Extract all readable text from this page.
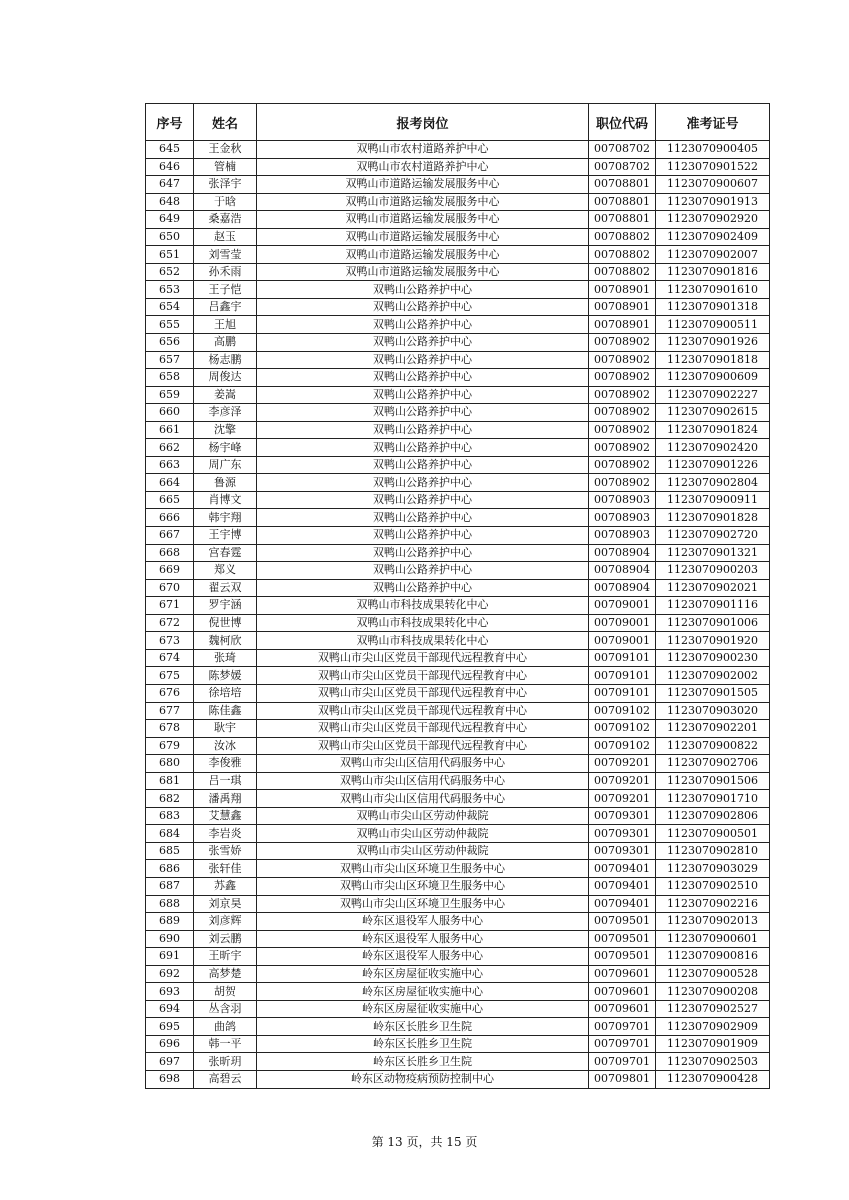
序号	姓名	报考岗位	职位代码	准考证号
645	王金秋	双鸭山市农村道路养护中心	00708702	1123070900405
646	管楠	双鸭山市农村道路养护中心	00708702	1123070901522
647	张泽宇	双鸭山市道路运输发展服务中心	00708801	1123070900607
648	于晗	双鸭山市道路运输发展服务中心	00708801	1123070901913
649	桑嘉浩	双鸭山市道路运输发展服务中心	00708801	1123070902920
650	赵玉	双鸭山市道路运输发展服务中心	00708802	1123070902409
651	刘雪莹	双鸭山市道路运输发展服务中心	00708802	1123070902007
652	孙禾雨	双鸭山市道路运输发展服务中心	00708802	1123070901816
653	王子恺	双鸭山公路养护中心	00708901	1123070901610
654	吕鑫宇	双鸭山公路养护中心	00708901	1123070901318
655	王旭	双鸭山公路养护中心	00708901	1123070900511
656	高鹏	双鸭山公路养护中心	00708902	1123070901926
657	杨志鹏	双鸭山公路养护中心	00708902	1123070901818
658	周俊达	双鸭山公路养护中心	00708902	1123070900609
659	姜嵩	双鸭山公路养护中心	00708902	1123070902227
660	李彦泽	双鸭山公路养护中心	00708902	1123070902615
661	沈擎	双鸭山公路养护中心	00708902	1123070901824
662	杨宇峰	双鸭山公路养护中心	00708902	1123070902420
663	周广东	双鸭山公路养护中心	00708902	1123070901226
664	鲁源	双鸭山公路养护中心	00708902	1123070902804
665	肖博文	双鸭山公路养护中心	00708903	1123070900911
666	韩宇翔	双鸭山公路养护中心	00708903	1123070901828
667	王宇博	双鸭山公路养护中心	00708903	1123070902720
668	宫春霆	双鸭山公路养护中心	00708904	1123070901321
669	郑义	双鸭山公路养护中心	00708904	1123070900203
670	翟云双	双鸭山公路养护中心	00708904	1123070902021
671	罗宇涵	双鸭山市科技成果转化中心	00709001	1123070901116
672	倪世博	双鸭山市科技成果转化中心	00709001	1123070901006
673	魏柯欣	双鸭山市科技成果转化中心	00709001	1123070901920
674	张琦	双鸭山市尖山区党员干部现代远程教育中心	00709101	1123070900230
675	陈梦媛	双鸭山市尖山区党员干部现代远程教育中心	00709101	1123070902002
676	徐培培	双鸭山市尖山区党员干部现代远程教育中心	00709101	1123070901505
677	陈佳鑫	双鸭山市尖山区党员干部现代远程教育中心	00709102	1123070903020
678	耿宇	双鸭山市尖山区党员干部现代远程教育中心	00709102	1123070902201
679	汝冰	双鸭山市尖山区党员干部现代远程教育中心	00709102	1123070900822
680	李俊雅	双鸭山市尖山区信用代码服务中心	00709201	1123070902706
681	吕一琪	双鸭山市尖山区信用代码服务中心	00709201	1123070901506
682	潘禹翔	双鸭山市尖山区信用代码服务中心	00709201	1123070901710
683	艾慧鑫	双鸭山市尖山区劳动仲裁院	00709301	1123070902806
684	李岩炎	双鸭山市尖山区劳动仲裁院	00709301	1123070900501
685	张雪娇	双鸭山市尖山区劳动仲裁院	00709301	1123070902810
686	张轩佳	双鸭山市尖山区环境卫生服务中心	00709401	1123070903029
687	苏鑫	双鸭山市尖山区环境卫生服务中心	00709401	1123070902510
688	刘京昊	双鸭山市尖山区环境卫生服务中心	00709401	1123070902216
689	刘彦辉	岭东区退役军人服务中心	00709501	1123070902013
690	刘云鹏	岭东区退役军人服务中心	00709501	1123070900601
691	王昕宇	岭东区退役军人服务中心	00709501	1123070900816
692	高梦楚	岭东区房屋征收实施中心	00709601	1123070900528
693	胡贺	岭东区房屋征收实施中心	00709601	1123070900208
694	丛含羽	岭东区房屋征收实施中心	00709601	1123070902527
695	曲鸽	岭东区长胜乡卫生院	00709701	1123070902909
696	韩一平	岭东区长胜乡卫生院	00709701	1123070901909
697	张昕玥	岭东区长胜乡卫生院	00709701	1123070902503
698	高碧云	岭东区动物疫病预防控制中心	00709801	1123070900428
第 13 页，共 15 页
